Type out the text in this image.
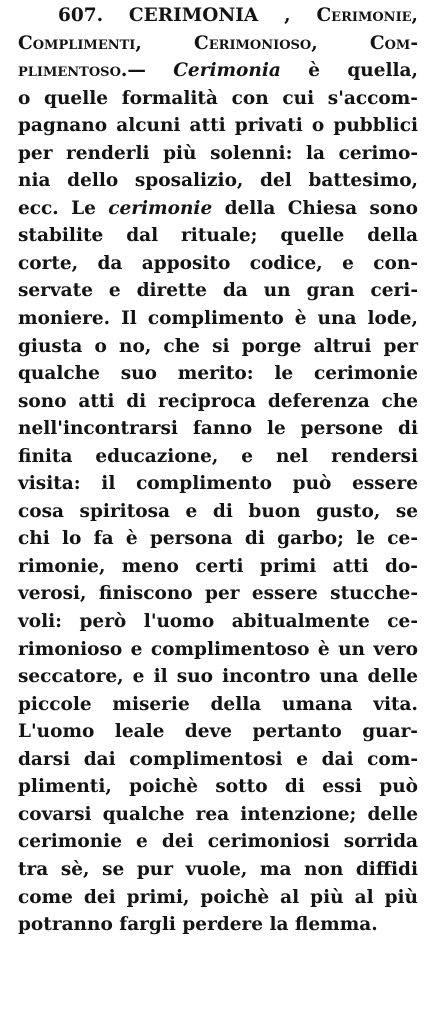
607. CERIMONIA , Cerimonie,
Complimenti, Cerimonioso, Com-
plimentoso.— Cerimonia è quella,
o quelle formalità con cui s'accom-
pagnano alcuni atti privati o pubblici
per renderli più solenni: la cerimo-
nia dello sposalizio, del battesimo,
ecc. Le cerimonie della Chiesa sono
stabilite dal rituale; quelle della
corte, da apposito codice, e con-
servate e dirette da un gran ceri-
moniere. Il complimento è una lode,
giusta o no, che si porge altrui per
qualche suo merito: le cerimonie
sono atti di reciproca deferenza che
nell'incontrarsi fanno le persone di
finita educazione, e nel rendersi
visita: il complimento può essere
cosa spiritosa e di buon gusto, se
chi lo fa è persona di garbo; le ce-
rimonie, meno certi primi atti do-
verosi, finiscono per essere stucche-
voli: però l'uomo abitualmente ce-
rimonioso e complimentoso è un vero
seccatore, e il suo incontro una delle
piccole miserie della umana vita.
L'uomo leale deve pertanto guar-
darsi dai complimentosi e dai com-
plimenti, poichè sotto di essi può
covarsi qualche rea intenzione; delle
cerimonie e dei cerimoniosi sorrida
tra sè, se pur vuole, ma non diffidi
come dei primi, poichè al più al più
potranno fargli perdere la flemma.
